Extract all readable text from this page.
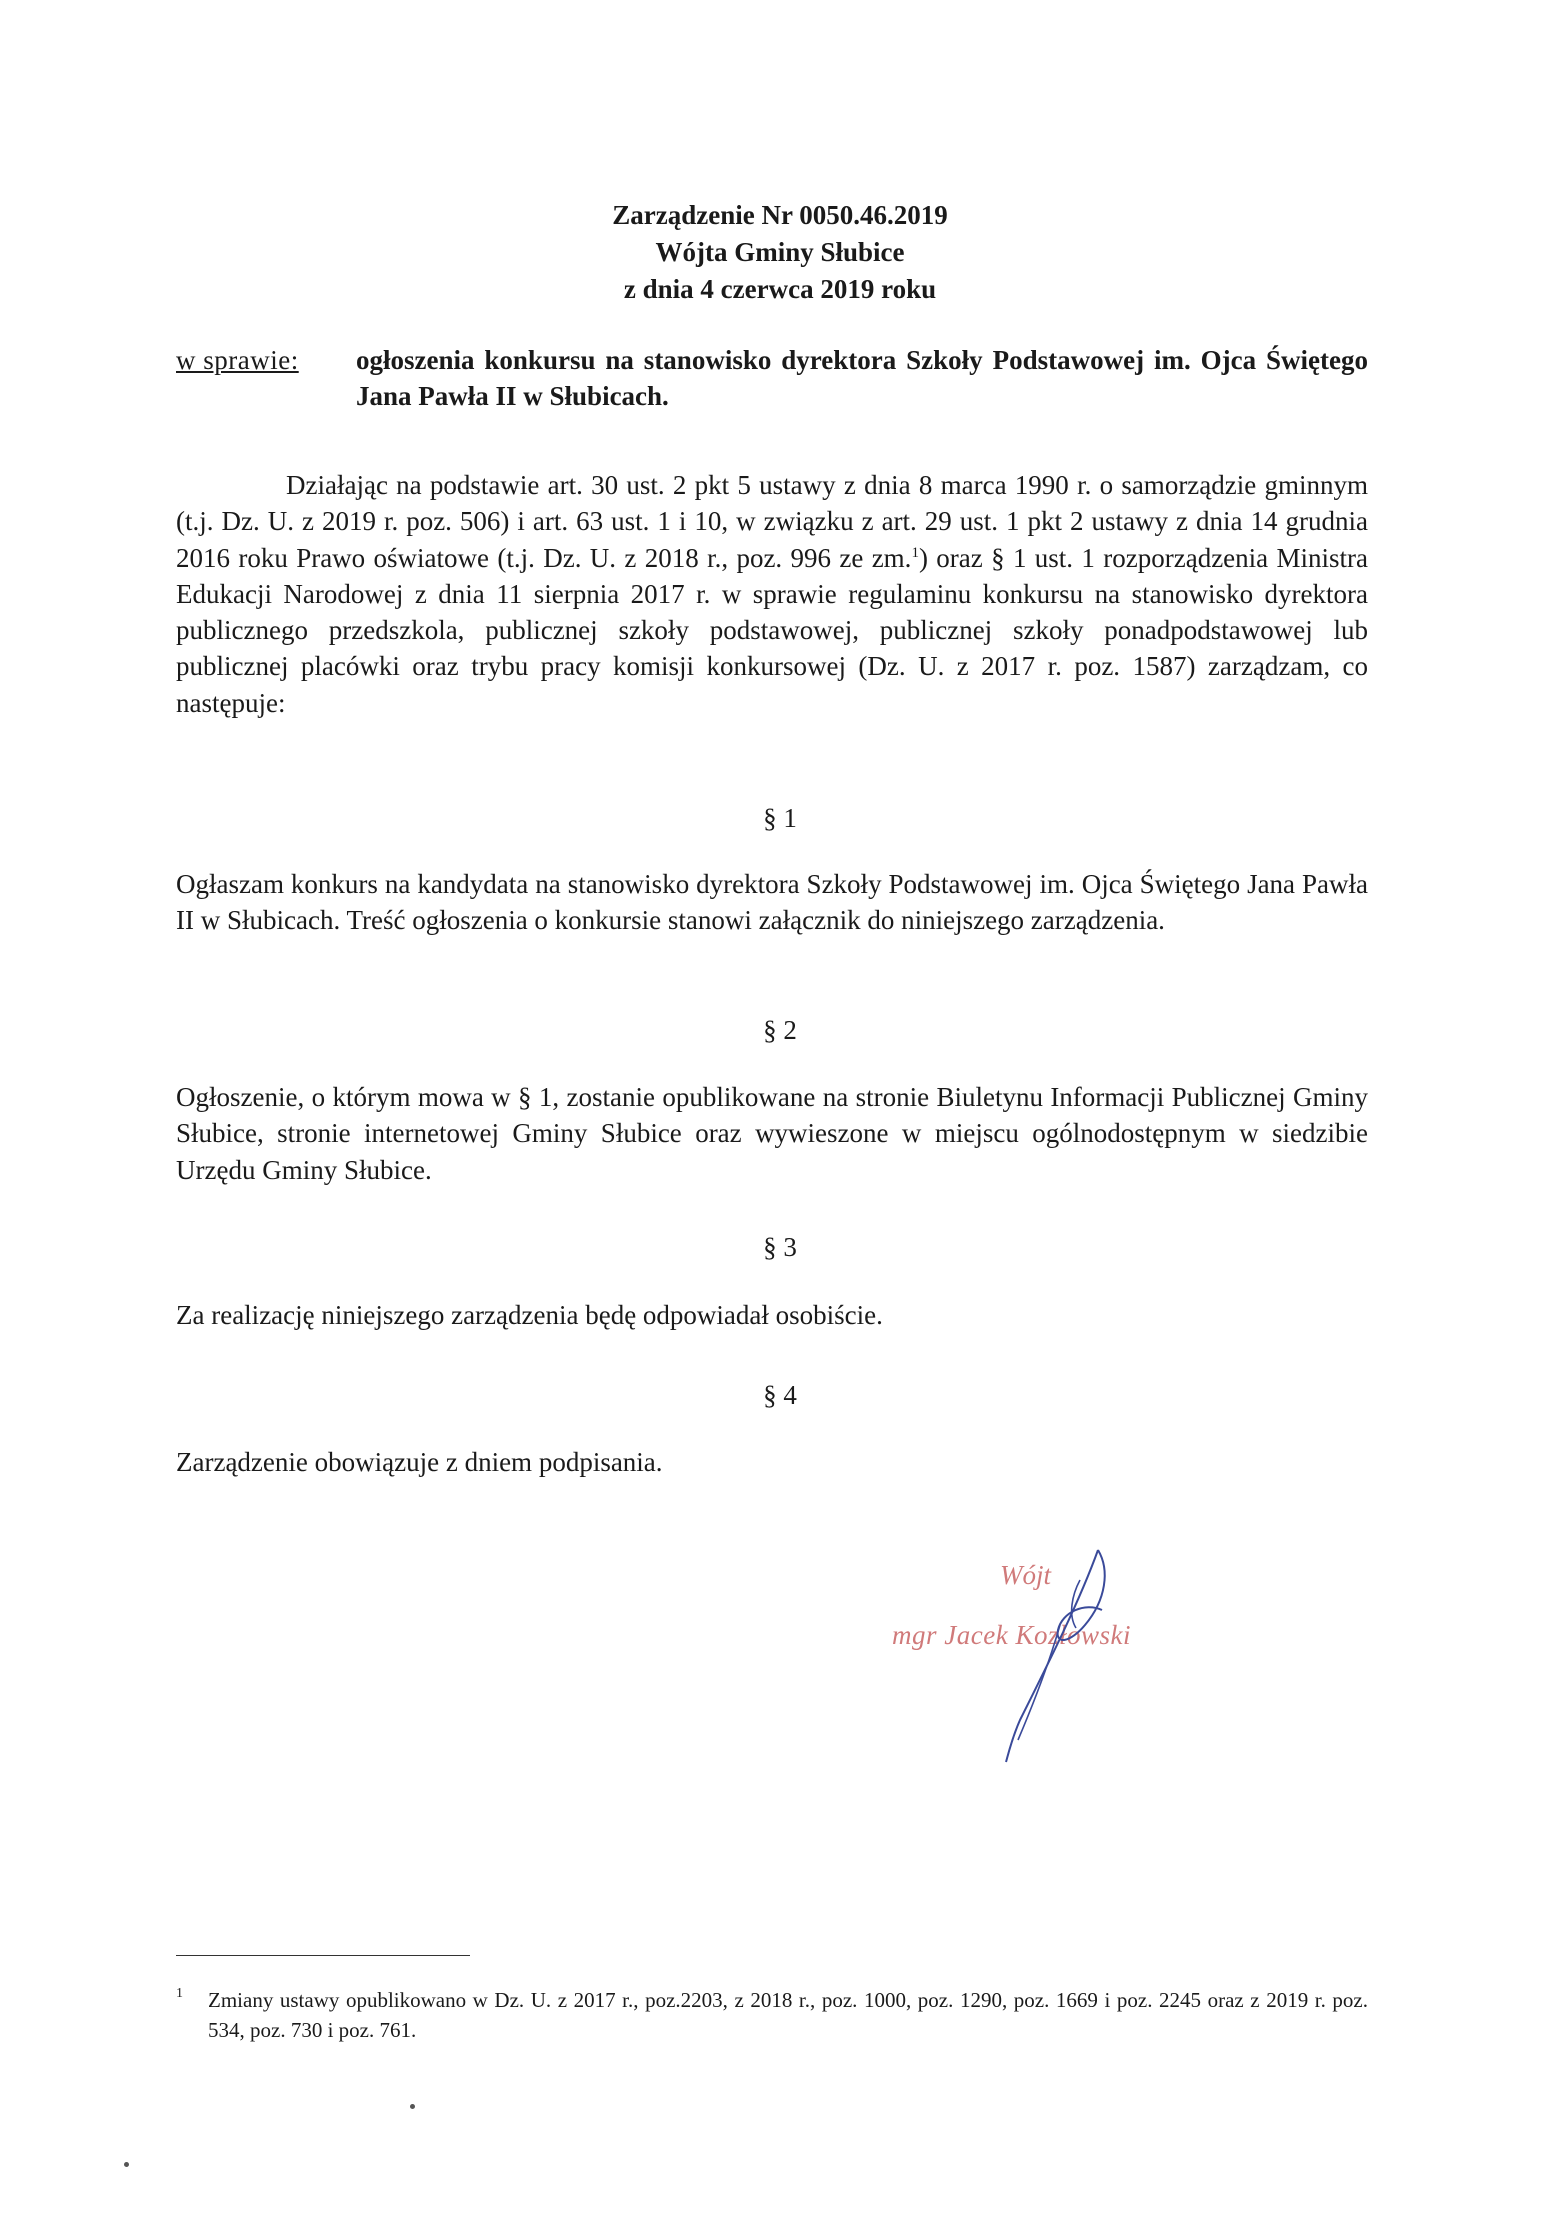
Zarządzenie Nr 0050.46.2019
Wójta Gminy Słubice
z dnia 4 czerwca 2019 roku
w sprawie:	ogłoszenia konkursu na stanowisko dyrektora Szkoły Podstawowej im. Ojca Świętego Jana Pawła II w Słubicach.
Działając na podstawie art. 30 ust. 2 pkt 5 ustawy z dnia 8 marca 1990 r. o samorządzie gminnym (t.j. Dz. U. z 2019 r. poz. 506) i art. 63 ust. 1 i 10, w związku z art. 29 ust. 1 pkt 2 ustawy z dnia 14 grudnia 2016 roku Prawo oświatowe (t.j. Dz. U. z 2018 r., poz. 996 ze zm.$^1$) oraz § 1 ust. 1 rozporządzenia Ministra Edukacji Narodowej z dnia 11 sierpnia 2017 r. w sprawie regulaminu konkursu na stanowisko dyrektora publicznego przedszkola, publicznej szkoły podstawowej, publicznej szkoły ponadpodstawowej lub publicznej placówki oraz trybu pracy komisji konkursowej (Dz. U. z 2017 r. poz. 1587) zarządzam, co następuje:
§ 1
Ogłaszam konkurs na kandydata na stanowisko dyrektora Szkoły Podstawowej im. Ojca Świętego Jana Pawła II w Słubicach. Treść ogłoszenia o konkursie stanowi załącznik do niniejszego zarządzenia.
§ 2
Ogłoszenie, o którym mowa w § 1, zostanie opublikowane na stronie Biuletynu Informacji Publicznej Gminy Słubice, stronie internetowej Gminy Słubice oraz wywieszone w miejscu ogólnodostępnym w siedzibie Urzędu Gminy Słubice.
§ 3
Za realizację niniejszego zarządzenia będę odpowiadał osobiście.
§ 4
Zarządzenie obowiązuje z dniem podpisania.
Wójt
mgr Jacek Kozłowski
1 Zmiany ustawy opublikowano w Dz. U. z 2017 r., poz.2203, z 2018 r., poz. 1000, poz. 1290, poz. 1669 i poz. 2245 oraz z 2019 r. poz. 534, poz. 730 i poz. 761.
